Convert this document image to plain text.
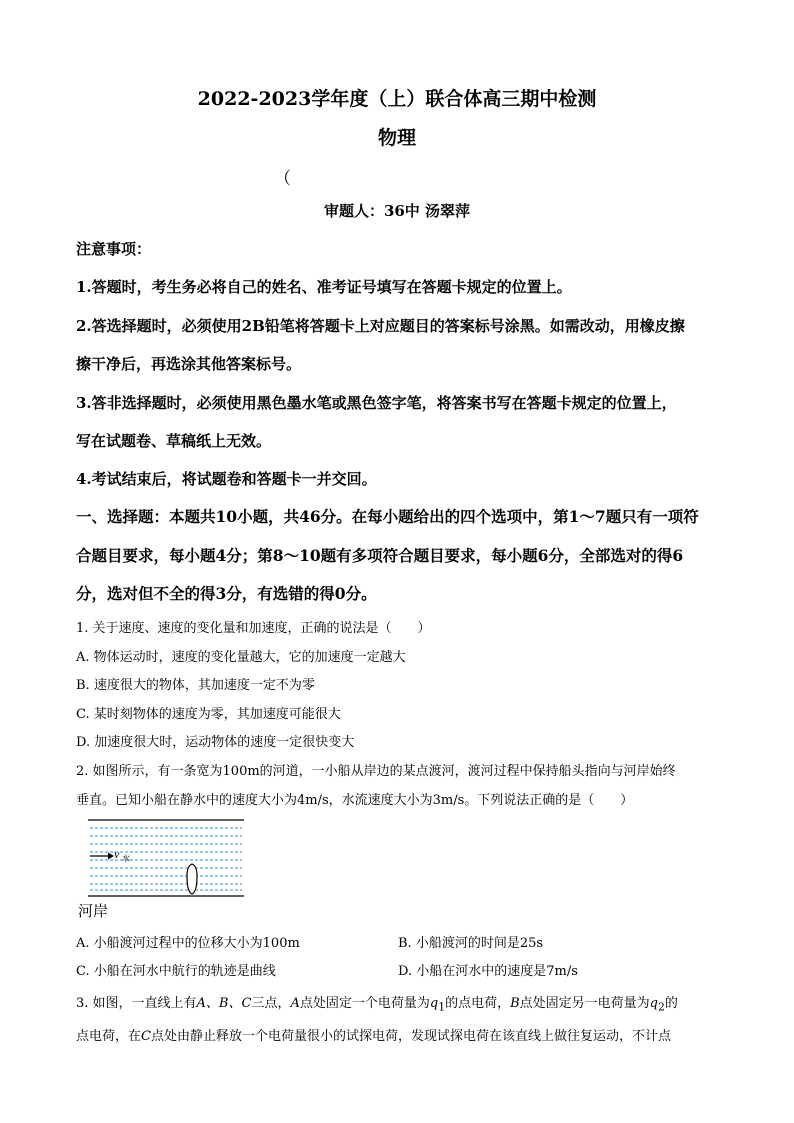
2022-2023学年度（上）联合体高三期中检测
物理
（
审题人：36中 汤翠萍
注意事项：
1.答题时，考生务必将自己的姓名、准考证号填写在答题卡规定的位置上。
2.答选择题时，必须使用2B铅笔将答题卡上对应题目的答案标号涂黑。如需改动，用橡皮擦
擦干净后，再选涂其他答案标号。
3.答非选择题时，必须使用黑色墨水笔或黑色签字笔，将答案书写在答题卡规定的位置上，
写在试题卷、草稿纸上无效。
4.考试结束后，将试题卷和答题卡一并交回。
一、选择题：本题共10小题，共46分。在每小题给出的四个选项中，第1～7题只有一项符
合题目要求，每小题4分；第8～10题有多项符合题目要求，每小题6分，全部选对的得6
分，选对但不全的得3分，有选错的得0分。
1. 关于速度、速度的变化量和加速度，正确的说法是（　　）
A. 物体运动时，速度的变化量越大，它的加速度一定越大
B. 速度很大的物体，其加速度一定不为零
C. 某时刻物体的速度为零，其加速度可能很大
D. 加速度很大时，运动物体的速度一定很快变大
2. 如图所示，有一条宽为100m的河道，一小船从岸边的某点渡河，渡河过程中保持船头指向与河岸始终
垂直。已知小船在静水中的速度大小为4m/s，水流速度大小为3m/s。下列说法正确的是（　　）
v 水
河岸
A. 小船渡河过程中的位移大小为100m	B. 小船渡河的时间是25s
C. 小船在河水中航行的轨迹是曲线	D. 小船在河水中的速度是7m/s
3. 如图，一直线上有A、B、C三点，A点处固定一个电荷量为$q_1$的点电荷，B点处固定另一电荷量为$q_2$的
点电荷，在C点处由静止释放一个电荷量很小的试探电荷，发现试探电荷在该直线上做往复运动，不计点
